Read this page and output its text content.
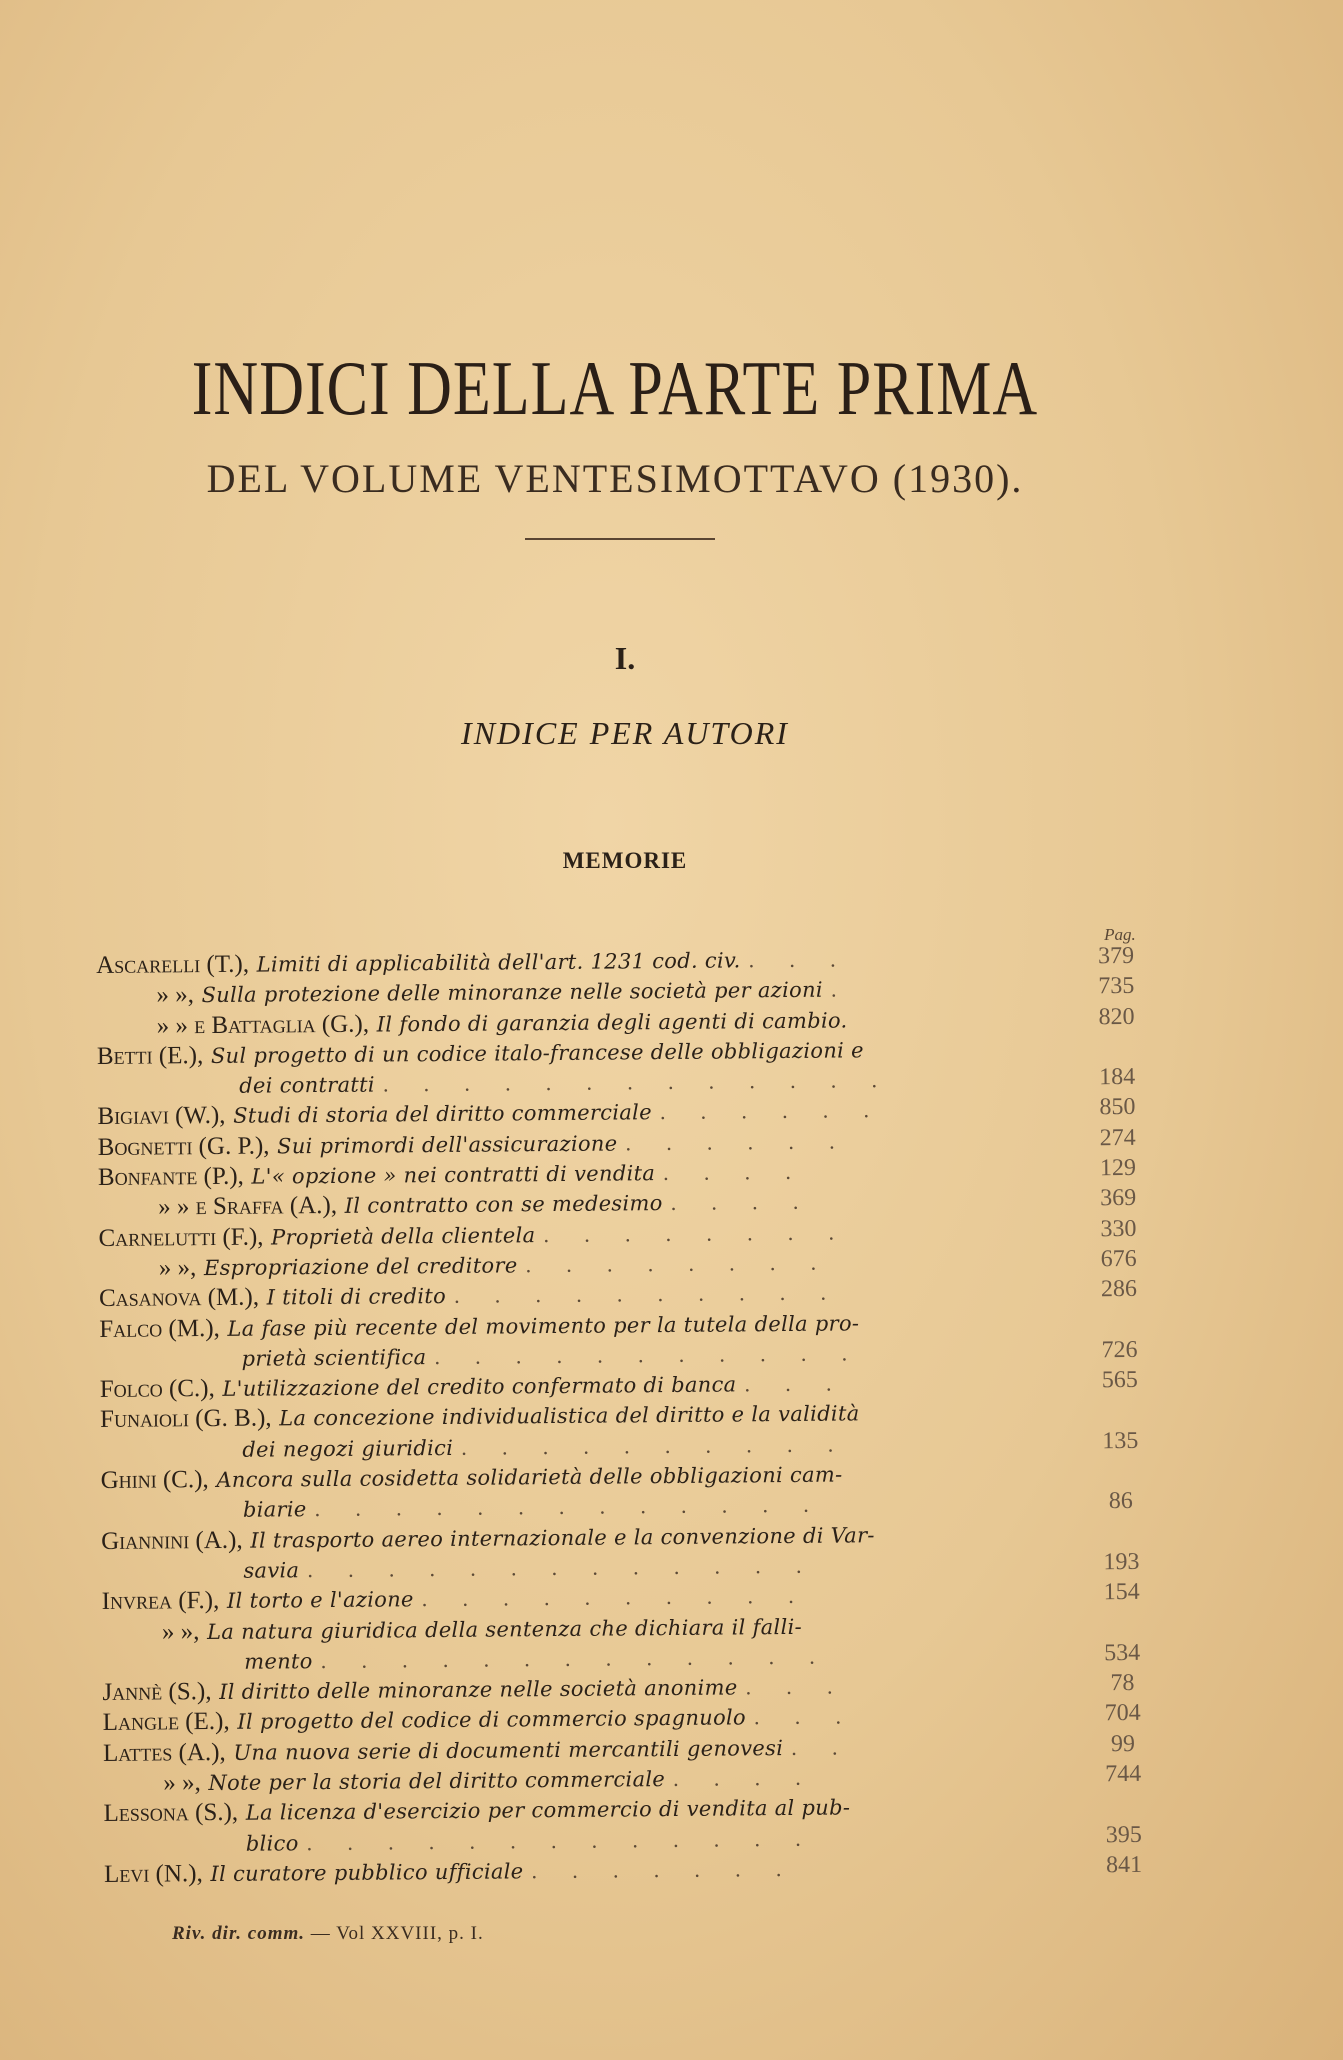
INDICI DELLA PARTE PRIMA
DEL VOLUME VENTESIMOTTAVO (1930).
I.
INDICE PER AUTORI
MEMORIE
Pag.
Ascarelli (T.), Limiti di applicabilità dell'art. 1231 cod. civ. . . .	379
» », Sulla protezione delle minoranze nelle società per azioni .	735
» » e Battaglia (G.), Il fondo di garanzia degli agenti di cambio.	820
Betti (E.), Sul progetto di un codice italo-francese delle obbligazioni e
dei contratti . . . . . . . . . . . . .	184
Bigiavi (W.), Studi di storia del diritto commerciale . . . . . .	850
Bognetti (G. P.), Sui primordi dell'assicurazione . . . . . .	274
Bonfante (P.), L'« opzione » nei contratti di vendita . . . .	129
» » e Sraffa (A.), Il contratto con se medesimo . . . .	369
Carnelutti (F.), Proprietà della clientela . . . . . . . .	330
» », Espropriazione del creditore . . . . . . . .	676
Casanova (M.), I titoli di credito . . . . . . . . . .	286
Falco (M.), La fase più recente del movimento per la tutela della pro-
prietà scientifica . . . . . . . . . . .	726
Folco (C.), L'utilizzazione del credito confermato di banca . . .	565
Funaioli (G. B.), La concezione individualistica del diritto e la validità
dei negozi giuridici . . . . . . . . . .	135
Ghini (C.), Ancora sulla cosidetta solidarietà delle obbligazioni cam-
biarie . . . . . . . . . . . . .	86
Giannini (A.), Il trasporto aereo internazionale e la convenzione di Var-
savia . . . . . . . . . . . . .	193
Invrea (F.), Il torto e l'azione . . . . . . . . . .	154
» », La natura giuridica della sentenza che dichiara il falli-
mento . . . . . . . . . . . . .	534
Jannè (S.), Il diritto delle minoranze nelle società anonime . . .	78
Langle (E.), Il progetto del codice di commercio spagnuolo . . .	704
Lattes (A.), Una nuova serie di documenti mercantili genovesi . .	99
» », Note per la storia del diritto commerciale . . . .	744
Lessona (S.), La licenza d'esercizio per commercio di vendita al pub-
blico . . . . . . . . . . . . .	395
Levi (N.), Il curatore pubblico ufficiale . . . . . . .	841
Riv. dir. comm. — Vol XXVIII, p. I.
